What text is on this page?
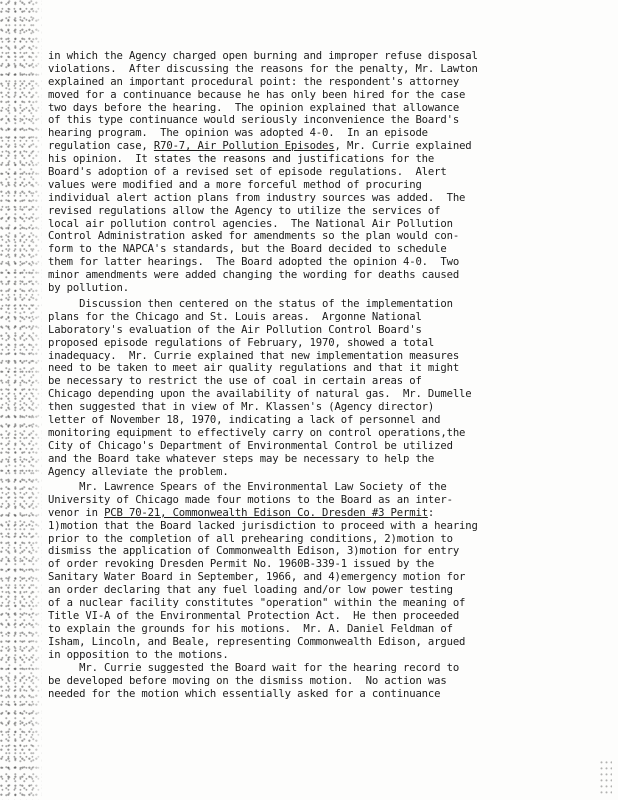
in which the Agency charged open burning and improper refuse disposal
violations.  After discussing the reasons for the penalty, Mr. Lawton
explained an important procedural point: the respondent's attorney
moved for a continuance because he has only been hired for the case
two days before the hearing.  The opinion explained that allowance
of this type continuance would seriously inconvenience the Board's
hearing program.  The opinion was adopted 4-0.  In an episode
regulation case, R70-7, Air Pollution Episodes, Mr. Currie explained
his opinion.  It states the reasons and justifications for the
Board's adoption of a revised set of episode regulations.  Alert
values were modified and a more forceful method of procuring
individual alert action plans from industry sources was added.  The
revised regulations allow the Agency to utilize the services of
local air pollution control agencies.  The National Air Pollution
Control Administration asked for amendments so the plan would con-
form to the NAPCA's standards, but the Board decided to schedule
them for latter hearings.  The Board adopted the opinion 4-0.  Two
minor amendments were added changing the wording for deaths caused
by pollution.
Discussion then centered on the status of the implementation
plans for the Chicago and St. Louis areas.  Argonne National
Laboratory's evaluation of the Air Pollution Control Board's
proposed episode regulations of February, 1970, showed a total
inadequacy.  Mr. Currie explained that new implementation measures
need to be taken to meet air quality regulations and that it might
be necessary to restrict the use of coal in certain areas of
Chicago depending upon the availability of natural gas.  Mr. Dumelle
then suggested that in view of Mr. Klassen's (Agency director)
letter of November 18, 1970, indicating a lack of personnel and
monitoring equipment to effectively carry on control operations,the
City of Chicago's Department of Environmental Control be utilized
and the Board take whatever steps may be necessary to help the
Agency alleviate the problem.
Mr. Lawrence Spears of the Environmental Law Society of the
University of Chicago made four motions to the Board as an inter-
venor in PCB 70-21, Commonwealth Edison Co. Dresden #3 Permit:
1)motion that the Board lacked jurisdiction to proceed with a hearing
prior to the completion of all prehearing conditions, 2)motion to
dismiss the application of Commonwealth Edison, 3)motion for entry
of order revoking Dresden Permit No. 1960B-339-1 issued by the
Sanitary Water Board in September, 1966, and 4)emergency motion for
an order declaring that any fuel loading and/or low power testing
of a nuclear facility constitutes "operation" within the meaning of
Title VI-A of the Environmental Protection Act.  He then proceeded
to explain the grounds for his motions.  Mr. A. Daniel Feldman of
Isham, Lincoln, and Beale, representing Commonwealth Edison, argued
in opposition to the motions.
Mr. Currie suggested the Board wait for the hearing record to
be developed before moving on the dismiss motion.  No action was
needed for the motion which essentially asked for a continuance
